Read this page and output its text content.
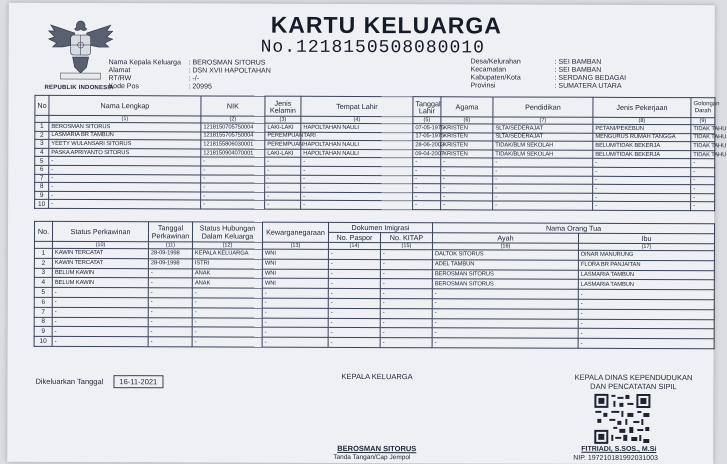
REPUBLIK INDONESIA
KARTU KELUARGA
No.1218150508080010
Nama Kepala Keluarga : BEROSMAN SITORUS
Alamat	: DSN XVII HAPOLTAHAN
RT/RW	: -/-
Kode Pos	: 20995
Desa/Kelurahan	: SEI BAMBAN
Kecamatan	: SEI BAMBAN
Kabupaten/Kota	: SERDANG BEDAGAI
Provinsi	: SUMATERA UTARA
No	Nama Lengkap	NIK	Jenis Kelamin	Tempat Lahir	Tanggal Lahir	Agama	Pendidikan	Jenis Pekerjaan	Golongan Darah
	(1)	(2)	(3)	(4)	(5)	(6)	(7)	(8)	(9)
1	BEROSMAN SITORUS	1218150705750004	LAKI-LAKI	HAPOLTAHAN NAULI	07-05-1975	KRISTEN	SLTA/SEDERAJAT	PETANI/PEKEBUN	TIDAK TAHU
2	LASMARIA BR TAMBUN	1218155705750004	PEREMPUAN	TARI	17-05-1975	KRISTEN	SLTA/SEDERAJAT	MENGURUS RUMAH TANGGA	TIDAK TAHU
3	YEETY WULANSARI SITORUS	1218155806030001	PEREMPUAN	HAPOLTAHAN NAULI	28-06-2003	KRISTEN	TIDAK/BLM SEKOLAH	BELUM/TIDAK BEKERJA	TIDAK TAHU
4	PASKA APRIYANTO SITORUS	1218150904070001	LAKI-LAKI	HAPOLTAHAN NAULI	09-04-2007	KRISTEN	TIDAK/BLM SEKOLAH	BELUM/TIDAK BEKERJA	TIDAK TAHU
5	-	-	-	-	-	-	-	-	-
6	-	-	-	-	-	-	-	-	-
7	-	-	-	-	-	-	-	-	-
8	-	-	-	-	-	-	-	-	-
9	-	-	-	-	-	-	-	-	-
10	-	-	-	-	-	-	-	-	-
No.	Status Perkawinan	Tanggal Perkawinan	Status Hubungan Dalam Keluarga	Kewarganegaraan	Dokumen Imigrasi		Nama Orang Tua	
					No. Paspor	No. KITAP	Ayah	Ibu
	(10)	(11)	(12)	(13)	(14)	(15)	(16)	(17)
1	KAWIN TERCATAT	28-09-1998	KEPALA KELUARGA	WNI	-	-	DALTOK SITORUS	DINAR MANURUNG
2	KAWIN TERCATAT	28-09-1998	ISTRI	WNI	-	-	ADEL TAMBUN	FLORA BR PANJAITAN
3	BELUM KAWIN	-	ANAK	WNI	-	-	BEROSMAN SITORUS	LASMARIA TAMBUN
4	BELUM KAWIN	-	ANAK	WNI	-	-	BEROSMAN SITORUS	LASMARIA TAMBUN
5	-	-	-	-	-	-	-	-
6	-	-	-	-	-	-	-	-
7	-	-	-	-	-	-	-	-
8	-	-	-	-	-	-	-	-
9	-	-	-	-	-	-	-	-
10	-	-	-	-	-	-	-	-
Dikeluarkan Tanggal 16-11-2021
KEPALA KELUARGA
BEROSMAN SITORUS
Tanda Tangan/Cap Jempol
KEPALA DINAS KEPENDUDUKAN
DAN PENCATATAN SIPIL
FITRIADI, S.SOS., M.Si
NIP. 197210181992031003
